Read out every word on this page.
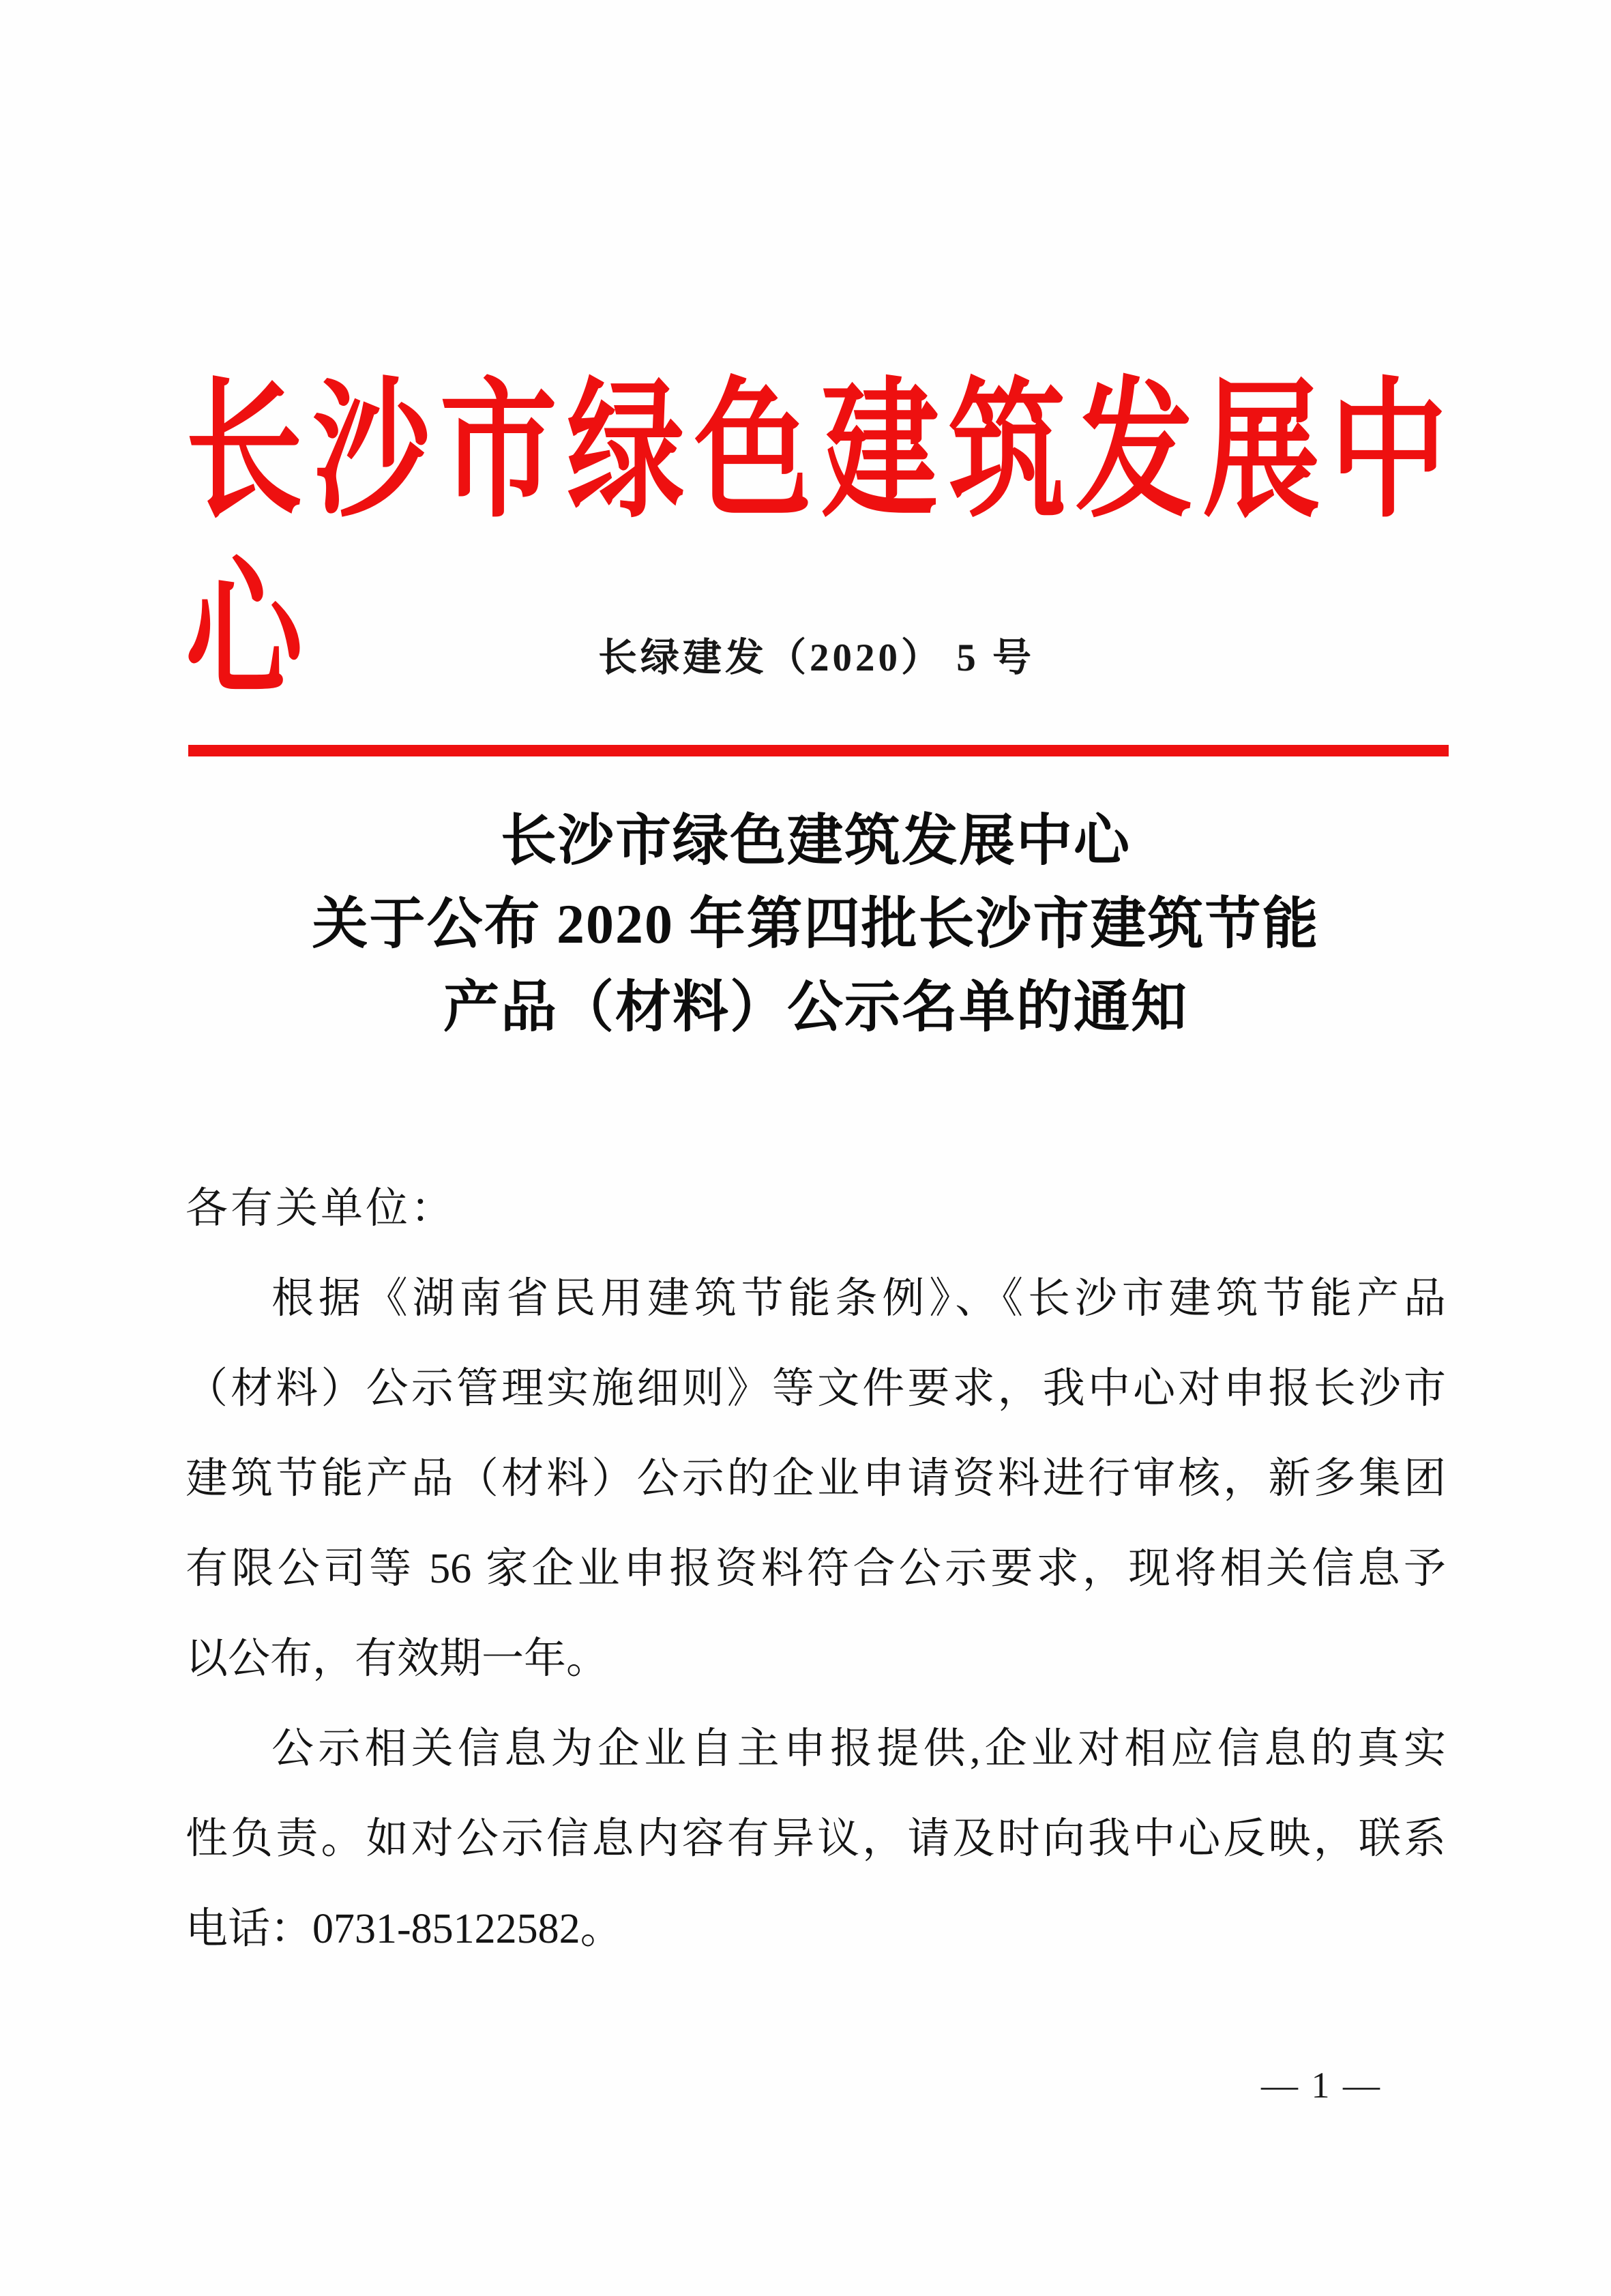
长沙市绿色建筑发展中心	长绿建发（2020） 5 号
长沙市绿色建筑发展中心
关于公布 2020 年第四批长沙市建筑节能
产品（材料）公示名单的通知
各有关单位：
根据《湖南省民用建筑节能条例》、《长沙市建筑节能产品
（材料）公示管理实施细则》等文件要求，我中心对申报长沙市
建筑节能产品（材料）公示的企业申请资料进行审核，新多集团
有限公司等 56 家企业申报资料符合公示要求，现将相关信息予
以公布，有效期一年。
公示相关信息为企业自主申报提供,企业对相应信息的真实
性负责。如对公示信息内容有异议，请及时向我中心反映，联系
电话：0731-85122582。
— 1 —
